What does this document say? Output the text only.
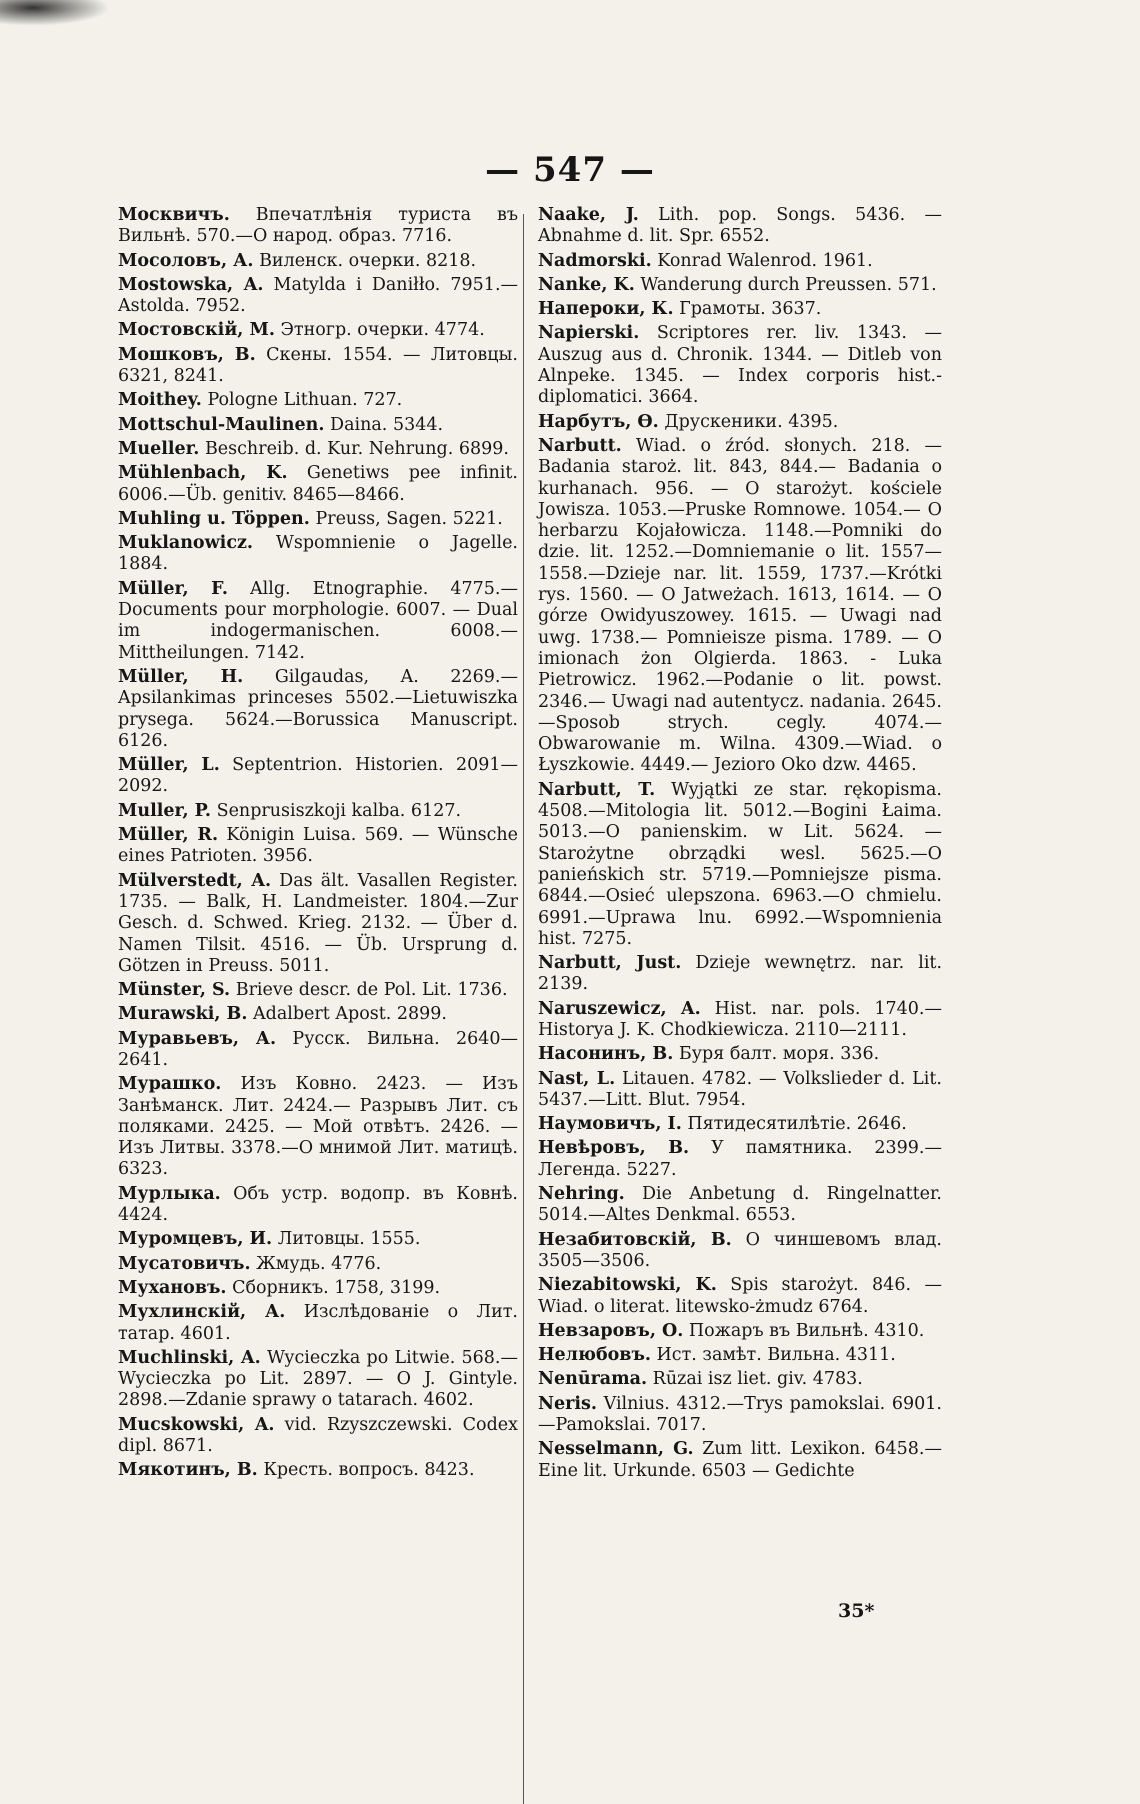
— 547 —
Москвичъ. Впечатлѣнія туриста въ Вильнѣ. 570.—О народ. образ. 7716.
Мосоловъ, А. Виленск. очерки. 8218.
Mostowska, A. Matylda i Daniłło. 7951.—Astolda. 7952.
Мостовскій, М. Этногр. очерки. 4774.
Мошковъ, В. Скены. 1554. — Литовцы. 6321, 8241.
Moithey. Pologne Lithuan. 727.
Mottschul-Maulinen. Daina. 5344.
Mueller. Beschreib. d. Kur. Nehrung. 6899.
Mühlenbach, K. Genetiws pee infinit. 6006.—Üb. genitiv. 8465—8466.
Muhling u. Töppen. Preuss, Sagen. 5221.
Muklanowicz. Wspomnienie o Jagelle. 1884.
Müller, F. Allg. Etnographie. 4775.—Documents pour morphologie. 6007. — Dual im indogermanischen. 6008.—Mittheilungen. 7142.
Müller, H. Gilgaudas, A. 2269.—Apsilankimas princeses 5502.—Lietuwiszka prysega. 5624.—Borussica Manuscript. 6126.
Müller, L. Septentrion. Historien. 2091—2092.
Muller, P. Senprusiszkoji kalba. 6127.
Müller, R. Königin Luisa. 569. — Wünsche eines Patrioten. 3956.
Mülverstedt, A. Das ält. Vasallen Register. 1735. — Balk, H. Landmeister. 1804.—Zur Gesch. d. Schwed. Krieg. 2132. — Über d. Namen Tilsit. 4516. — Üb. Ursprung d. Götzen in Preuss. 5011.
Münster, S. Brieve descr. de Pol. Lit. 1736.
Murawski, B. Adalbert Apost. 2899.
Муравьевъ, А. Русск. Вильна. 2640—2641.
Мурашко. Изъ Ковно. 2423. — Изъ Занѣманск. Лит. 2424.— Разрывъ Лит. съ поляками. 2425. — Мой отвѣтъ. 2426. — Изъ Литвы. 3378.—О мнимой Лит. матицѣ. 6323.
Мурлыка. Объ устр. водопр. въ Ковнѣ. 4424.
Муромцевъ, И. Литовцы. 1555.
Мусатовичъ. Жмудь. 4776.
Мухановъ. Сборникъ. 1758, 3199.
Мухлинскій, А. Изслѣдованіе о Лит. татар. 4601.
Muchlinski, A. Wycieczka po Litwie. 568.—Wycieczka po Lit. 2897. — O J. Gintyle. 2898.—Zdanie sprawy o tatarach. 4602.
Mucskowski, A. vid. Rzyszczewski. Codex dipl. 8671.
Мякотинъ, В. Кресть. вопросъ. 8423.
Naake, J. Lith. pop. Songs. 5436. — Abnahme d. lit. Spr. 6552.
Nadmorski. Konrad Walenrod. 1961.
Nanke, K. Wanderung durch Preussen. 571.
Напероки, К. Грамоты. 3637.
Napierski. Scriptores rer. liv. 1343. — Auszug aus d. Chronik. 1344. — Ditleb von Alnpeke. 1345. — Index corporis hist.-diplomatici. 3664.
Нарбутъ, Ѳ. Друскеники. 4395.
Narbutt. Wiad. o źród. słonych. 218. —Badania staroż. lit. 843, 844.— Badania o kurhanach. 956. — O starożyt. kościele Jowisza. 1053.—Pruske Romnowe. 1054.— O herbarzu Kojałowicza. 1148.—Pomniki do dzie. lit. 1252.—Domniemanie o lit. 1557—1558.—Dzieje nar. lit. 1559, 1737.—Krótki rys. 1560. — O Jatweżach. 1613, 1614. — O górze Owidyuszowey. 1615. — Uwagi nad uwg. 1738.— Pomnieisze pisma. 1789. — O imionach żon Olgierda. 1863. - Luka Pietrowicz. 1962.—Podanie o lit. powst. 2346.— Uwagi nad autentycz. nadania. 2645.—Sposob strych. cegly. 4074.— Obwarowanie m. Wilna. 4309.—Wiad. o Łyszkowie. 4449.— Jezioro Oko dzw. 4465.
Narbutt, T. Wyjątki ze star. rękopisma. 4508.—Mitologia lit. 5012.—Bogini Łaima. 5013.—O panienskim. w Lit. 5624. — Starożytne obrządki wesl. 5625.—O panieńskich str. 5719.—Pomniejsze pisma. 6844.—Osieć ulepszona. 6963.—O chmielu. 6991.—Uprawa lnu. 6992.—Wspomnienia hist. 7275.
Narbutt, Just. Dzieje wewnętrz. nar. lit. 2139.
Naruszewicz, A. Hist. nar. pols. 1740.—Historya J. K. Chodkiewicza. 2110—2111.
Насонинъ, В. Буря балт. моря. 336.
Nast, L. Litauen. 4782. — Volkslieder d. Lit. 5437.—Litt. Blut. 7954.
Наумовичъ, I. Пятидесятилѣтіе. 2646.
Невѣровъ, В. У памятника. 2399.— Легенда. 5227.
Nehring. Die Anbetung d. Ringelnatter. 5014.—Altes Denkmal. 6553.
Незабитовскій, В. О чиншевомъ влад. 3505—3506.
Niezabitowski, K. Spis starożyt. 846. —Wiad. o literat. litewsko-żmudz 6764.
Невзаровъ, О. Пожаръ въ Вильнѣ. 4310.
Нелюбовъ. Ист. замѣт. Вильна. 4311.
Nenūrama. Rūzai isz liet. giv. 4783.
Neris. Vilnius. 4312.—Trys pamokslai. 6901.—Pamokslai. 7017.
Nesselmann, G. Zum litt. Lexikon. 6458.—Eine lit. Urkunde. 6503 — Gedichte
35*
